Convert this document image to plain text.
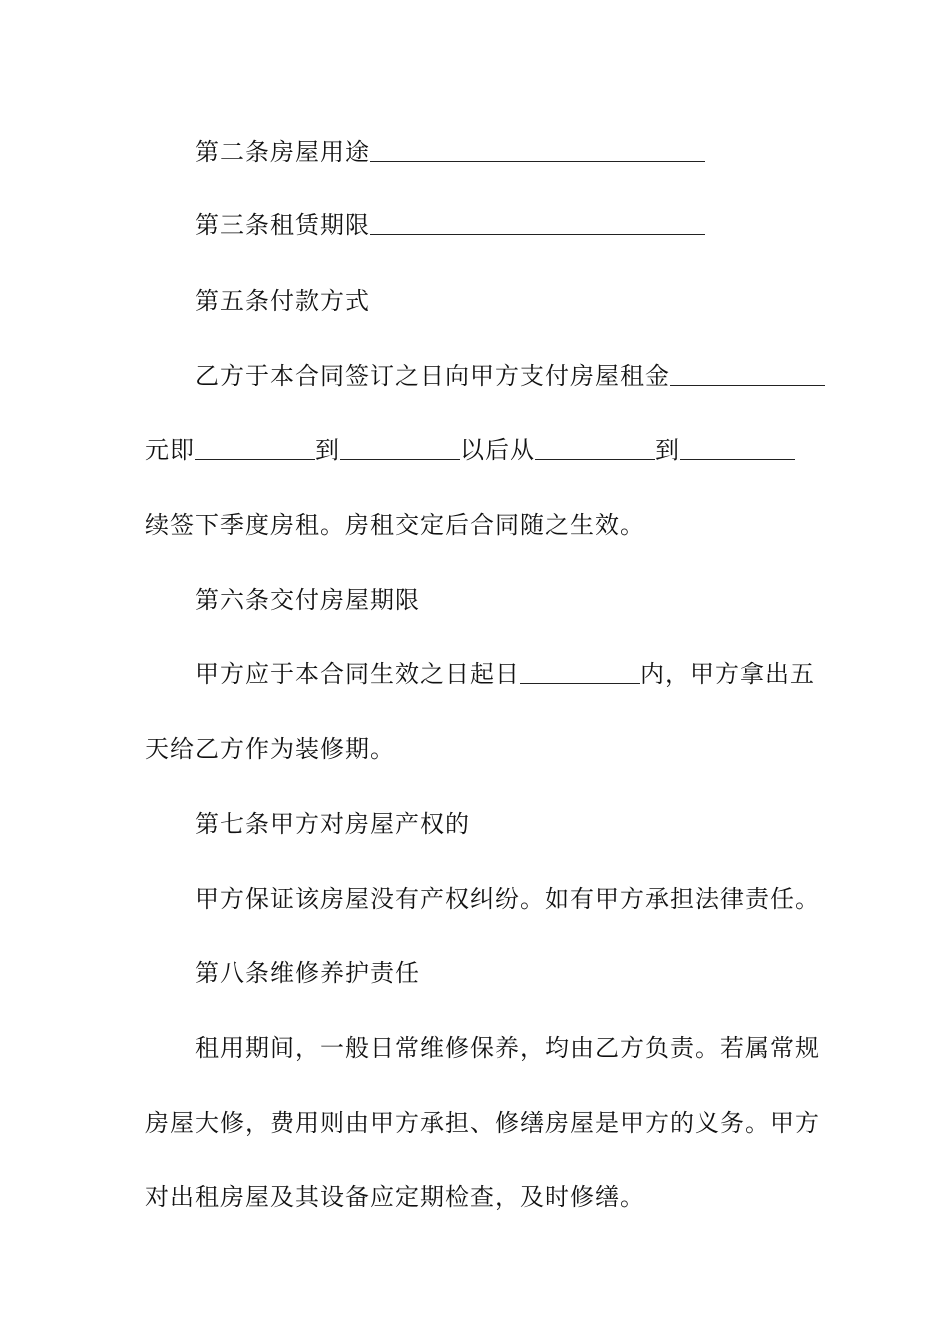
第二条房屋用途
第三条租赁期限
第五条付款方式
乙方于本合同签订之日向甲方支付房屋租金
元即	到	以后从	到
续签下季度房租。房租交定后合同随之生效。
第六条交付房屋期限
甲方应于本合同生效之日起日	内，甲方拿出五
天给乙方作为装修期。
第七条甲方对房屋产权的
甲方保证该房屋没有产权纠纷。如有甲方承担法律责任。
第八条维修养护责任
租用期间，一般日常维修保养，均由乙方负责。若属常规
房屋大修，费用则由甲方承担、修缮房屋是甲方的义务。甲方
对出租房屋及其设备应定期检查，及时修缮。
